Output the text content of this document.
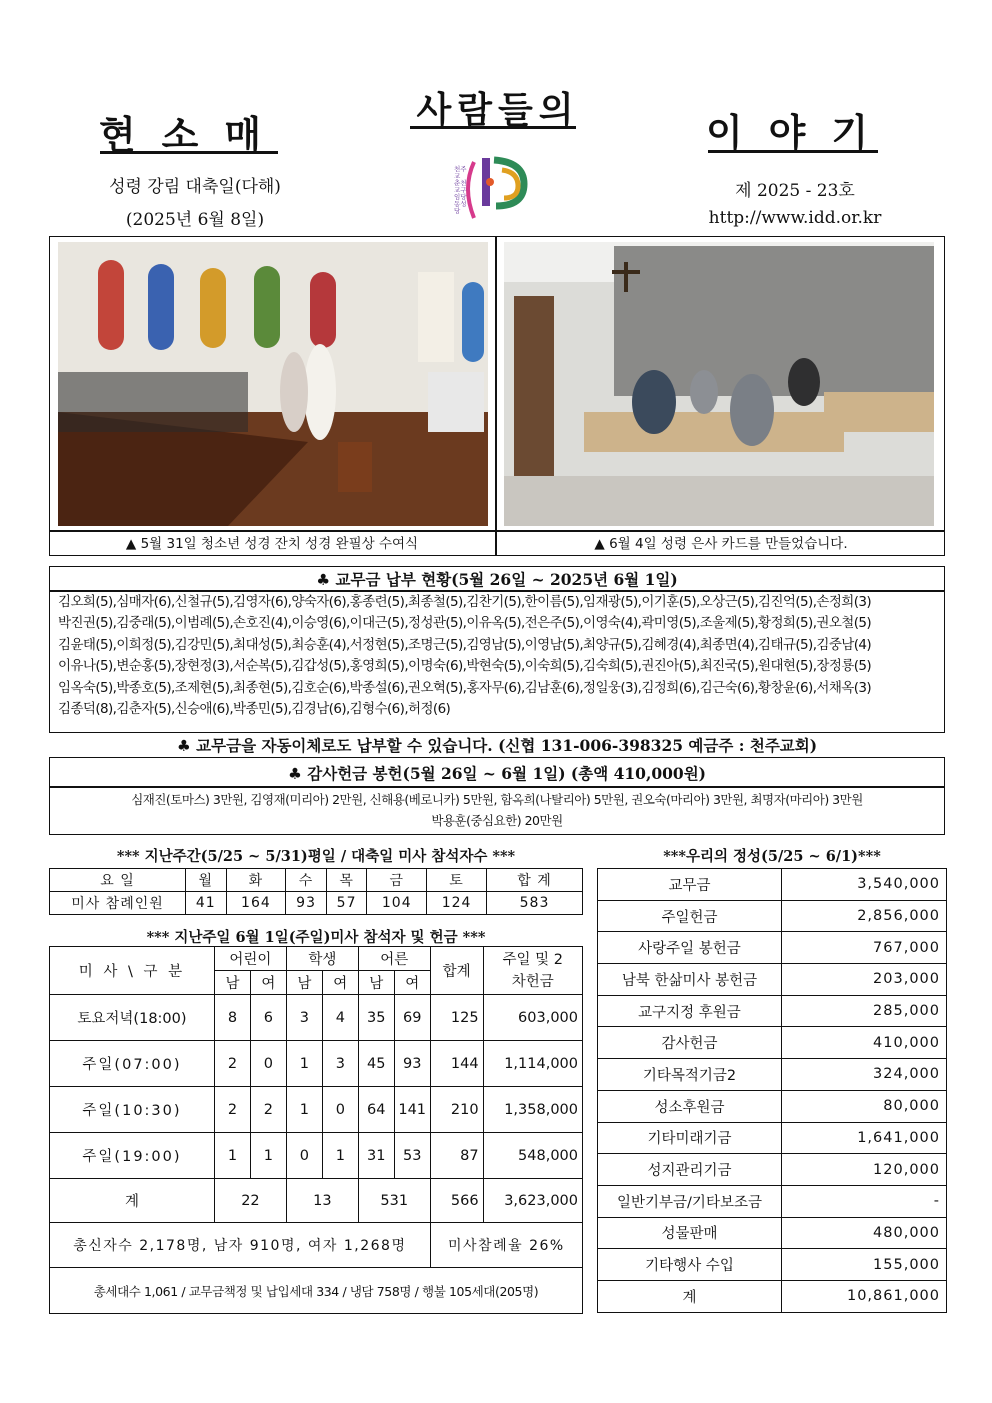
현소매
사람들의	이야기
성령 강림 대축일(다해)
(2025년 6월 8일)
제 2025 - 23호
http://www.idd.or.kr
천주교 춘천교구 임당동성당
▲ 5월 31일 청소년 성경 잔치 성경 완필상 수여식	▲ 6월 4일 성령 은사 카드를 만들었습니다.
♣ 교무금 납부 현황(5월 26일 ~ 2025년 6월 1일)
김오희(5),심매자(6),신철규(5),김영자(6),양숙자(6),홍종련(5),최종철(5),김찬기(5),한이름(5),임재광(5),이기훈(5),오상근(5),김진억(5),손정희(3)
박진권(5),김중래(5),이범례(5),손호진(4),이승영(6),이대근(5),정성관(5),이유옥(5),전은주(5),이영숙(4),곽미영(5),조울제(5),황정희(5),권오철(5)
김윤태(5),이희정(5),김강민(5),최대성(5),최승훈(4),서정현(5),조명근(5),김영남(5),이영남(5),최양규(5),김혜경(4),최종면(4),김태규(5),김중남(4)
이유나(5),변순홍(5),장현정(3),서순복(5),김갑성(5),홍영희(5),이명숙(6),박현숙(5),이숙희(5),김숙희(5),권진아(5),최진국(5),원대현(5),장정룡(5)
임옥숙(5),박종호(5),조제현(5),최종현(5),김호순(6),박종설(6),권오혁(5),홍자무(6),김남훈(6),정일웅(3),김정희(6),김근숙(6),황창윤(6),서채옥(3)
김종덕(8),김춘자(5),신승애(6),박종민(5),김경남(6),김형수(6),허정(6)
♣ 교무금을 자동이체로도 납부할 수 있습니다. (신협 131-006-398325 예금주 : 천주교회)
♣ 감사헌금 봉헌(5월 26일 ~ 6월 1일) (총액 410,000원)
심재진(토마스) 3만원, 김영재(미리아) 2만원, 신해용(베로니카) 5만원, 함옥희(나탈리아) 5만원, 권오숙(마리아) 3만원, 최명자(마리아) 3만원
박용훈(중심요한) 20만원
*** 지난주간(5/25 ~ 5/31)평일 / 대축일 미사 참석자수 ***
요 일	월	화	수	목	금	토	합 계
미사 참례인원	41	164	93	57	104	124	583
*** 지난주일 6월 1일(주일)미사 참석자 및 헌금 ***
미 사 \ 구 분	어린이		학생		어른		합계	주일 및 2차헌금
	남	여	남	여	남	여		
토요저녁(18:00)	8	6	3	4	35	69	125	603,000
주일(07:00)	2	0	1	3	45	93	144	1,114,000
주일(10:30)	2	2	1	0	64	141	210	1,358,000
주일(19:00)	1	1	0	1	31	53	87	548,000
계	22		13		531		566	3,623,000
총신자수 2,178명, 남자 910명, 여자 1,268명							미사참례율 26%	
총세대수 1,061 / 교무금책정 및 납입세대 334 / 냉담 758명 / 행불 105세대(205명)								
***우리의 정성(5/25 ~ 6/1)***
교무금	3,540,000
주일헌금	2,856,000
사랑주일 봉헌금	767,000
남북 한삶미사 봉헌금	203,000
교구지정 후원금	285,000
감사헌금	410,000
기타목적기금2	324,000
성소후원금	80,000
기타미래기금	1,641,000
성지관리기금	120,000
일반기부금/기타보조금	-
성물판매	480,000
기타행사 수입	155,000
계	10,861,000
